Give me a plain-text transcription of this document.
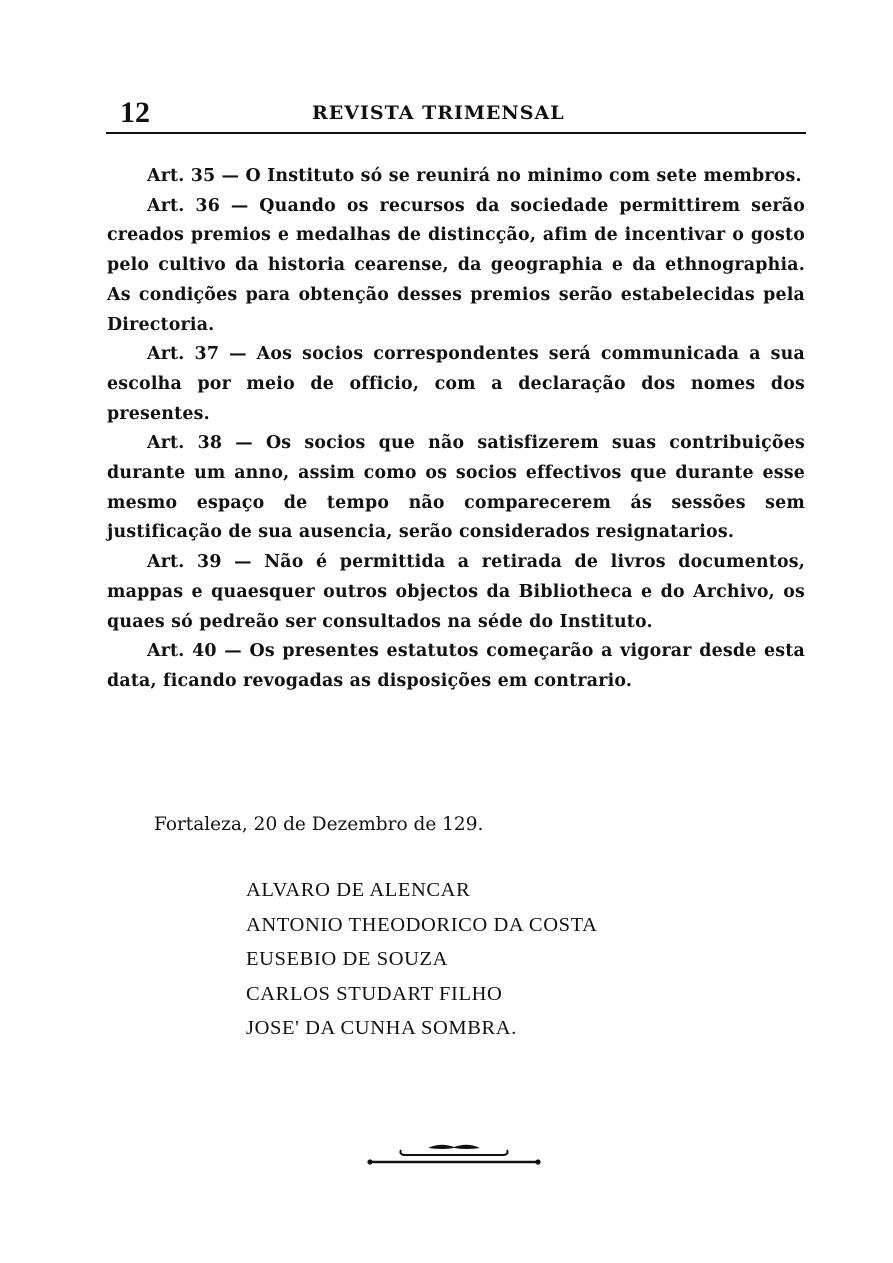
12	REVISTA TRIMENSAL

Art. 35 — O Instituto só se reunirá no minimo com sete membros.

Art. 36 — Quando os recursos da sociedade permittirem serão creados premios e medalhas de distincção, afim de incentivar o gosto pelo cultivo da historia cearense, da geographia e da ethnographia. As condições para obtenção desses premios serão estabelecidas pela Directoria.

Art. 37 — Aos socios correspondentes será communicada a sua escolha por meio de officio, com a declaração dos nomes dos presentes.

Art. 38 — Os socios que não satisfizerem suas contribuições durante um anno, assim como os socios effectivos que durante esse mesmo espaço de tempo não comparecerem ás sessões sem justificação de sua ausencia, serão considerados resignatarios.

Art. 39 — Não é permittida a retirada de livros documentos, mappas e quaesquer outros objectos da Bibliotheca e do Archivo, os quaes só pedreão ser consultados na séde do Instituto.

Art. 40 — Os presentes estatutos começarão a vigorar desde esta data, ficando revogadas as disposições em contrario.

Fortaleza, 20 de Dezembro de 129.
ALVARO DE ALENCAR
ANTONIO THEODORICO DA COSTA
EUSEBIO DE SOUZA
CARLOS STUDART FILHO
JOSE' DA CUNHA SOMBRA.
